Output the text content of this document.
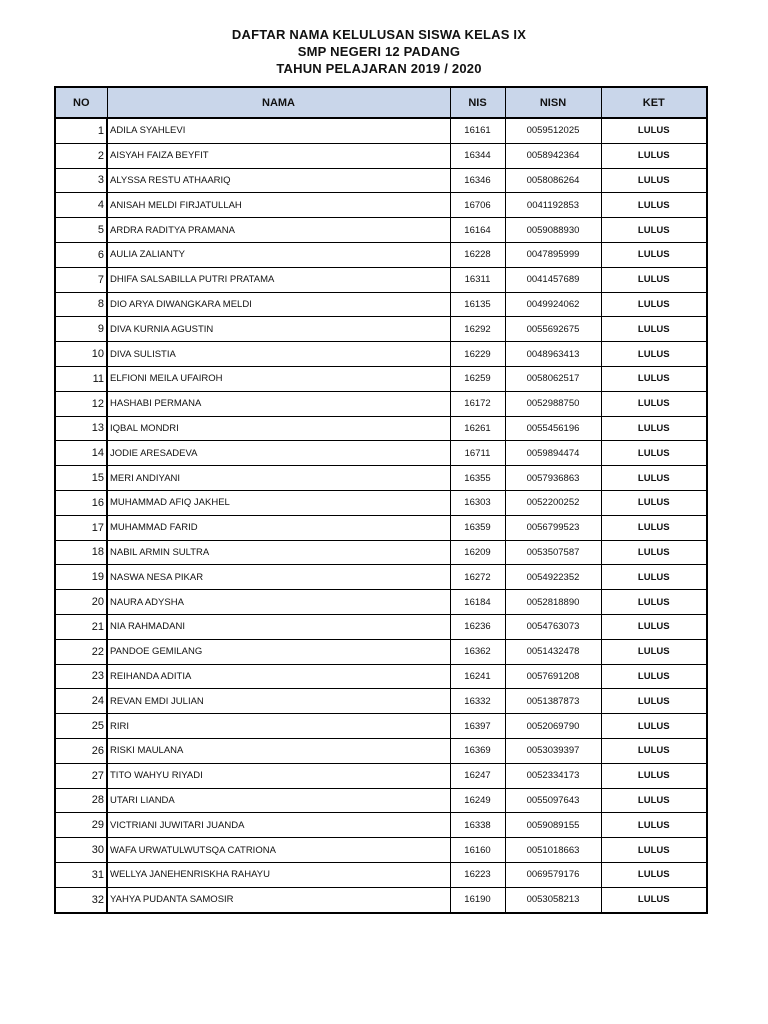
DAFTAR NAMA KELULUSAN SISWA KELAS IX
SMP NEGERI 12 PADANG
TAHUN PELAJARAN 2019 / 2020
NO	NAMA	NIS	NISN	KET
1	ADILA SYAHLEVI	16161	0059512025	LULUS
2	AISYAH FAIZA BEYFIT	16344	0058942364	LULUS
3	ALYSSA RESTU ATHAARIQ	16346	0058086264	LULUS
4	ANISAH MELDI FIRJATULLAH	16706	0041192853	LULUS
5	ARDRA RADITYA PRAMANA	16164	0059088930	LULUS
6	AULIA ZALIANTY	16228	0047895999	LULUS
7	DHIFA SALSABILLA PUTRI PRATAMA	16311	0041457689	LULUS
8	DIO ARYA DIWANGKARA MELDI	16135	0049924062	LULUS
9	DIVA KURNIA AGUSTIN	16292	0055692675	LULUS
10	DIVA SULISTIA	16229	0048963413	LULUS
11	ELFIONI MEILA UFAIROH	16259	0058062517	LULUS
12	HASHABI PERMANA	16172	0052988750	LULUS
13	IQBAL MONDRI	16261	0055456196	LULUS
14	JODIE ARESADEVA	16711	0059894474	LULUS
15	MERI ANDIYANI	16355	0057936863	LULUS
16	MUHAMMAD AFIQ JAKHEL	16303	0052200252	LULUS
17	MUHAMMAD FARID	16359	0056799523	LULUS
18	NABIL ARMIN SULTRA	16209	0053507587	LULUS
19	NASWA NESA PIKAR	16272	0054922352	LULUS
20	NAURA ADYSHA	16184	0052818890	LULUS
21	NIA RAHMADANI	16236	0054763073	LULUS
22	PANDOE GEMILANG	16362	0051432478	LULUS
23	REIHANDA ADITIA	16241	0057691208	LULUS
24	REVAN EMDI JULIAN	16332	0051387873	LULUS
25	RIRI	16397	0052069790	LULUS
26	RISKI MAULANA	16369	0053039397	LULUS
27	TITO WAHYU RIYADI	16247	0052334173	LULUS
28	UTARI LIANDA	16249	0055097643	LULUS
29	VICTRIANI JUWITARI JUANDA	16338	0059089155	LULUS
30	WAFA URWATULWUTSQA CATRIONA	16160	0051018663	LULUS
31	WELLYA JANEHENRISKHA RAHAYU	16223	0069579176	LULUS
32	YAHYA PUDANTA SAMOSIR	16190	0053058213	LULUS
